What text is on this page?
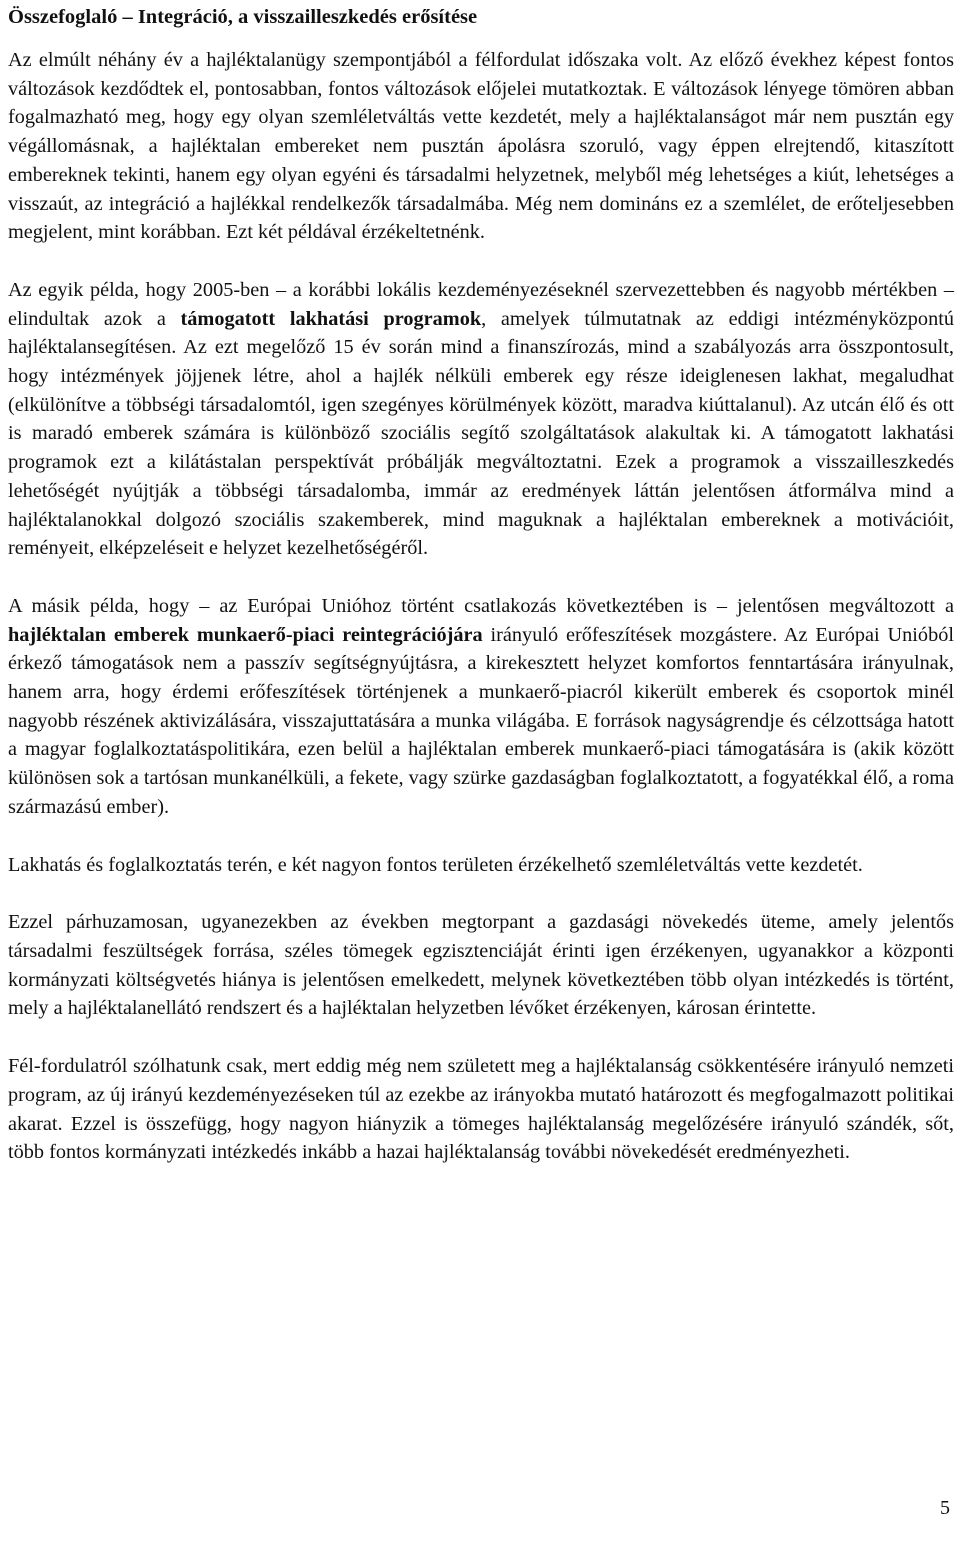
Összefoglaló – Integráció, a visszailleszkedés erősítése

Az elmúlt néhány év a hajléktalanügy szempontjából a félfordulat időszaka volt. Az előző évekhez képest fontos változások kezdődtek el, pontosabban, fontos változások előjelei mutatkoztak. E változások lényege tömören abban fogalmazható meg, hogy egy olyan szemléletváltás vette kezdetét, mely a hajléktalanságot már nem pusztán egy végállomásnak, a hajléktalan embereket nem pusztán ápolásra szoruló, vagy éppen elrejtendő, kitaszított embereknek tekinti, hanem egy olyan egyéni és társadalmi helyzetnek, melyből még lehetséges a kiút, lehetséges a visszaút, az integráció a hajlékkal rendelkezők társadalmába. Még nem domináns ez a szemlélet, de erőteljesebben megjelent, mint korábban. Ezt két példával érzékeltetnénk.

Az egyik példa, hogy 2005-ben – a korábbi lokális kezdeményezéseknél szervezettebben és nagyobb mértékben – elindultak azok a támogatott lakhatási programok, amelyek túlmutatnak az eddigi intézményközpontú hajléktalansegítésen. Az ezt megelőző 15 év során mind a finanszírozás, mind a szabályozás arra összpontosult, hogy intézmények jöjjenek létre, ahol a hajlék nélküli emberek egy része ideiglenesen lakhat, megaludhat (elkülönítve a többségi társadalomtól, igen szegényes körülmények között, maradva kiúttalanul). Az utcán élő és ott is maradó emberek számára is különböző szociális segítő szolgáltatások alakultak ki. A támogatott lakhatási programok ezt a kilátástalan perspektívát próbálják megváltoztatni. Ezek a programok a visszailleszkedés lehetőségét nyújtják a többségi társadalomba, immár az eredmények láttán jelentősen átformálva mind a hajléktalanokkal dolgozó szociális szakemberek, mind maguknak a hajléktalan embereknek a motivációit, reményeit, elképzeléseit e helyzet kezelhetőségéről.

A másik példa, hogy – az Európai Unióhoz történt csatlakozás következtében is – jelentősen megváltozott a hajléktalan emberek munkaerő-piaci reintegrációjára irányuló erőfeszítések mozgástere. Az Európai Unióból érkező támogatások nem a passzív segítségnyújtásra, a kirekesztett helyzet komfortos fenntartására irányulnak, hanem arra, hogy érdemi erőfeszítések történjenek a munkaerő-piacról kikerült emberek és csoportok minél nagyobb részének aktivizálására, visszajuttatására a munka világába. E források nagyságrendje és célzottsága hatott a magyar foglalkoztatáspolitikára, ezen belül a hajléktalan emberek munkaerő-piaci támogatására is (akik között különösen sok a tartósan munkanélküli, a fekete, vagy szürke gazdaságban foglalkoztatott, a fogyatékkal élő, a roma származású ember).

Lakhatás és foglalkoztatás terén, e két nagyon fontos területen érzékelhető szemléletváltás vette kezdetét.

Ezzel párhuzamosan, ugyanezekben az években megtorpant a gazdasági növekedés üteme, amely jelentős társadalmi feszültségek forrása, széles tömegek egzisztenciáját érinti igen érzékenyen, ugyanakkor a központi kormányzati költségvetés hiánya is jelentősen emelkedett, melynek következtében több olyan intézkedés is történt, mely a hajléktalanellátó rendszert és a hajléktalan helyzetben lévőket érzékenyen, károsan érintette.

Fél-fordulatról szólhatunk csak, mert eddig még nem született meg a hajléktalanság csökkentésére irányuló nemzeti program, az új irányú kezdeményezéseken túl az ezekbe az irányokba mutató határozott és megfogalmazott politikai akarat. Ezzel is összefügg, hogy nagyon hiányzik a tömeges hajléktalanság megelőzésére irányuló szándék, sőt, több fontos kormányzati intézkedés inkább a hazai hajléktalanság további növekedését eredményezheti.

5
